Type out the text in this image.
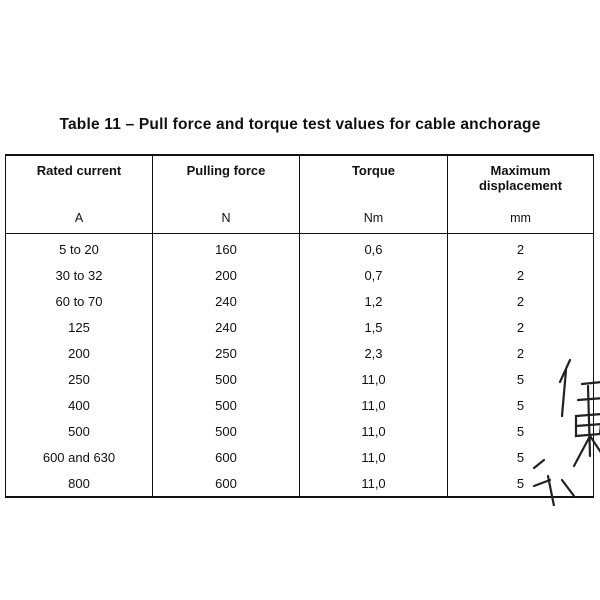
Table 11 – Pull force and torque test values for cable anchorage
Rated current	Pulling force	Torque	Maximum
displacement
A	N	Nm	mm
5 to 20	160	0,6	2
30 to 32	200	0,7	2
60 to 70	240	1,2	2
125	240	1,5	2
200	250	2,3	2
250	500	11,0	5
400	500	11,0	5
500	500	11,0	5
600 and 630	600	11,0	5
800	600	11,0	5
